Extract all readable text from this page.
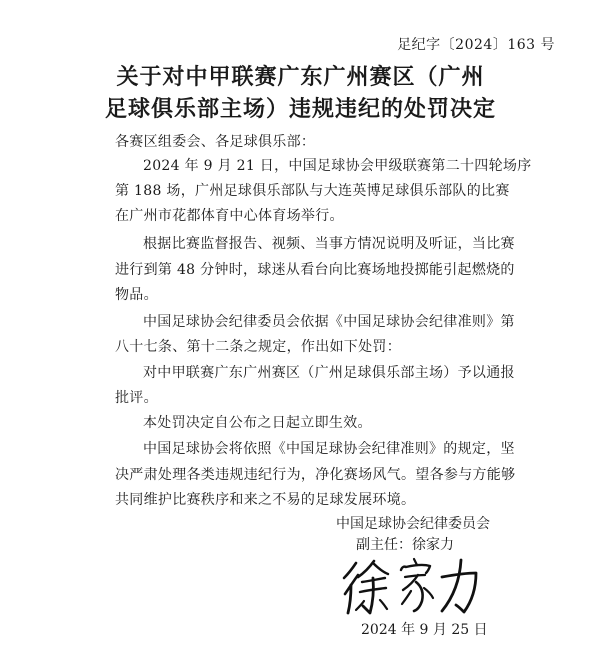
足纪字〔2024〕163 号
关于对中甲联赛广东广州赛区（广州
足球俱乐部主场）违规违纪的处罚决定
各赛区组委会、各足球俱乐部：
2024 年 9 月 21 日，中国足球协会甲级联赛第二十四轮场序
第 188 场，广州足球俱乐部队与大连英博足球俱乐部队的比赛
在广州市花都体育中心体育场举行。
根据比赛监督报告、视频、当事方情况说明及听证，当比赛
进行到第 48 分钟时，球迷从看台向比赛场地投掷能引起燃烧的
物品。
中国足球协会纪律委员会依据《中国足球协会纪律准则》第
八十七条、第十二条之规定，作出如下处罚：
对中甲联赛广东广州赛区（广州足球俱乐部主场）予以通报
批评。
本处罚决定自公布之日起立即生效。
中国足球协会将依照《中国足球协会纪律准则》的规定，坚
决严肃处理各类违规违纪行为，净化赛场风气。望各参与方能够
共同维护比赛秩序和来之不易的足球发展环境。
中国足球协会纪律委员会
副主任：徐家力
2024 年 9 月 25 日
